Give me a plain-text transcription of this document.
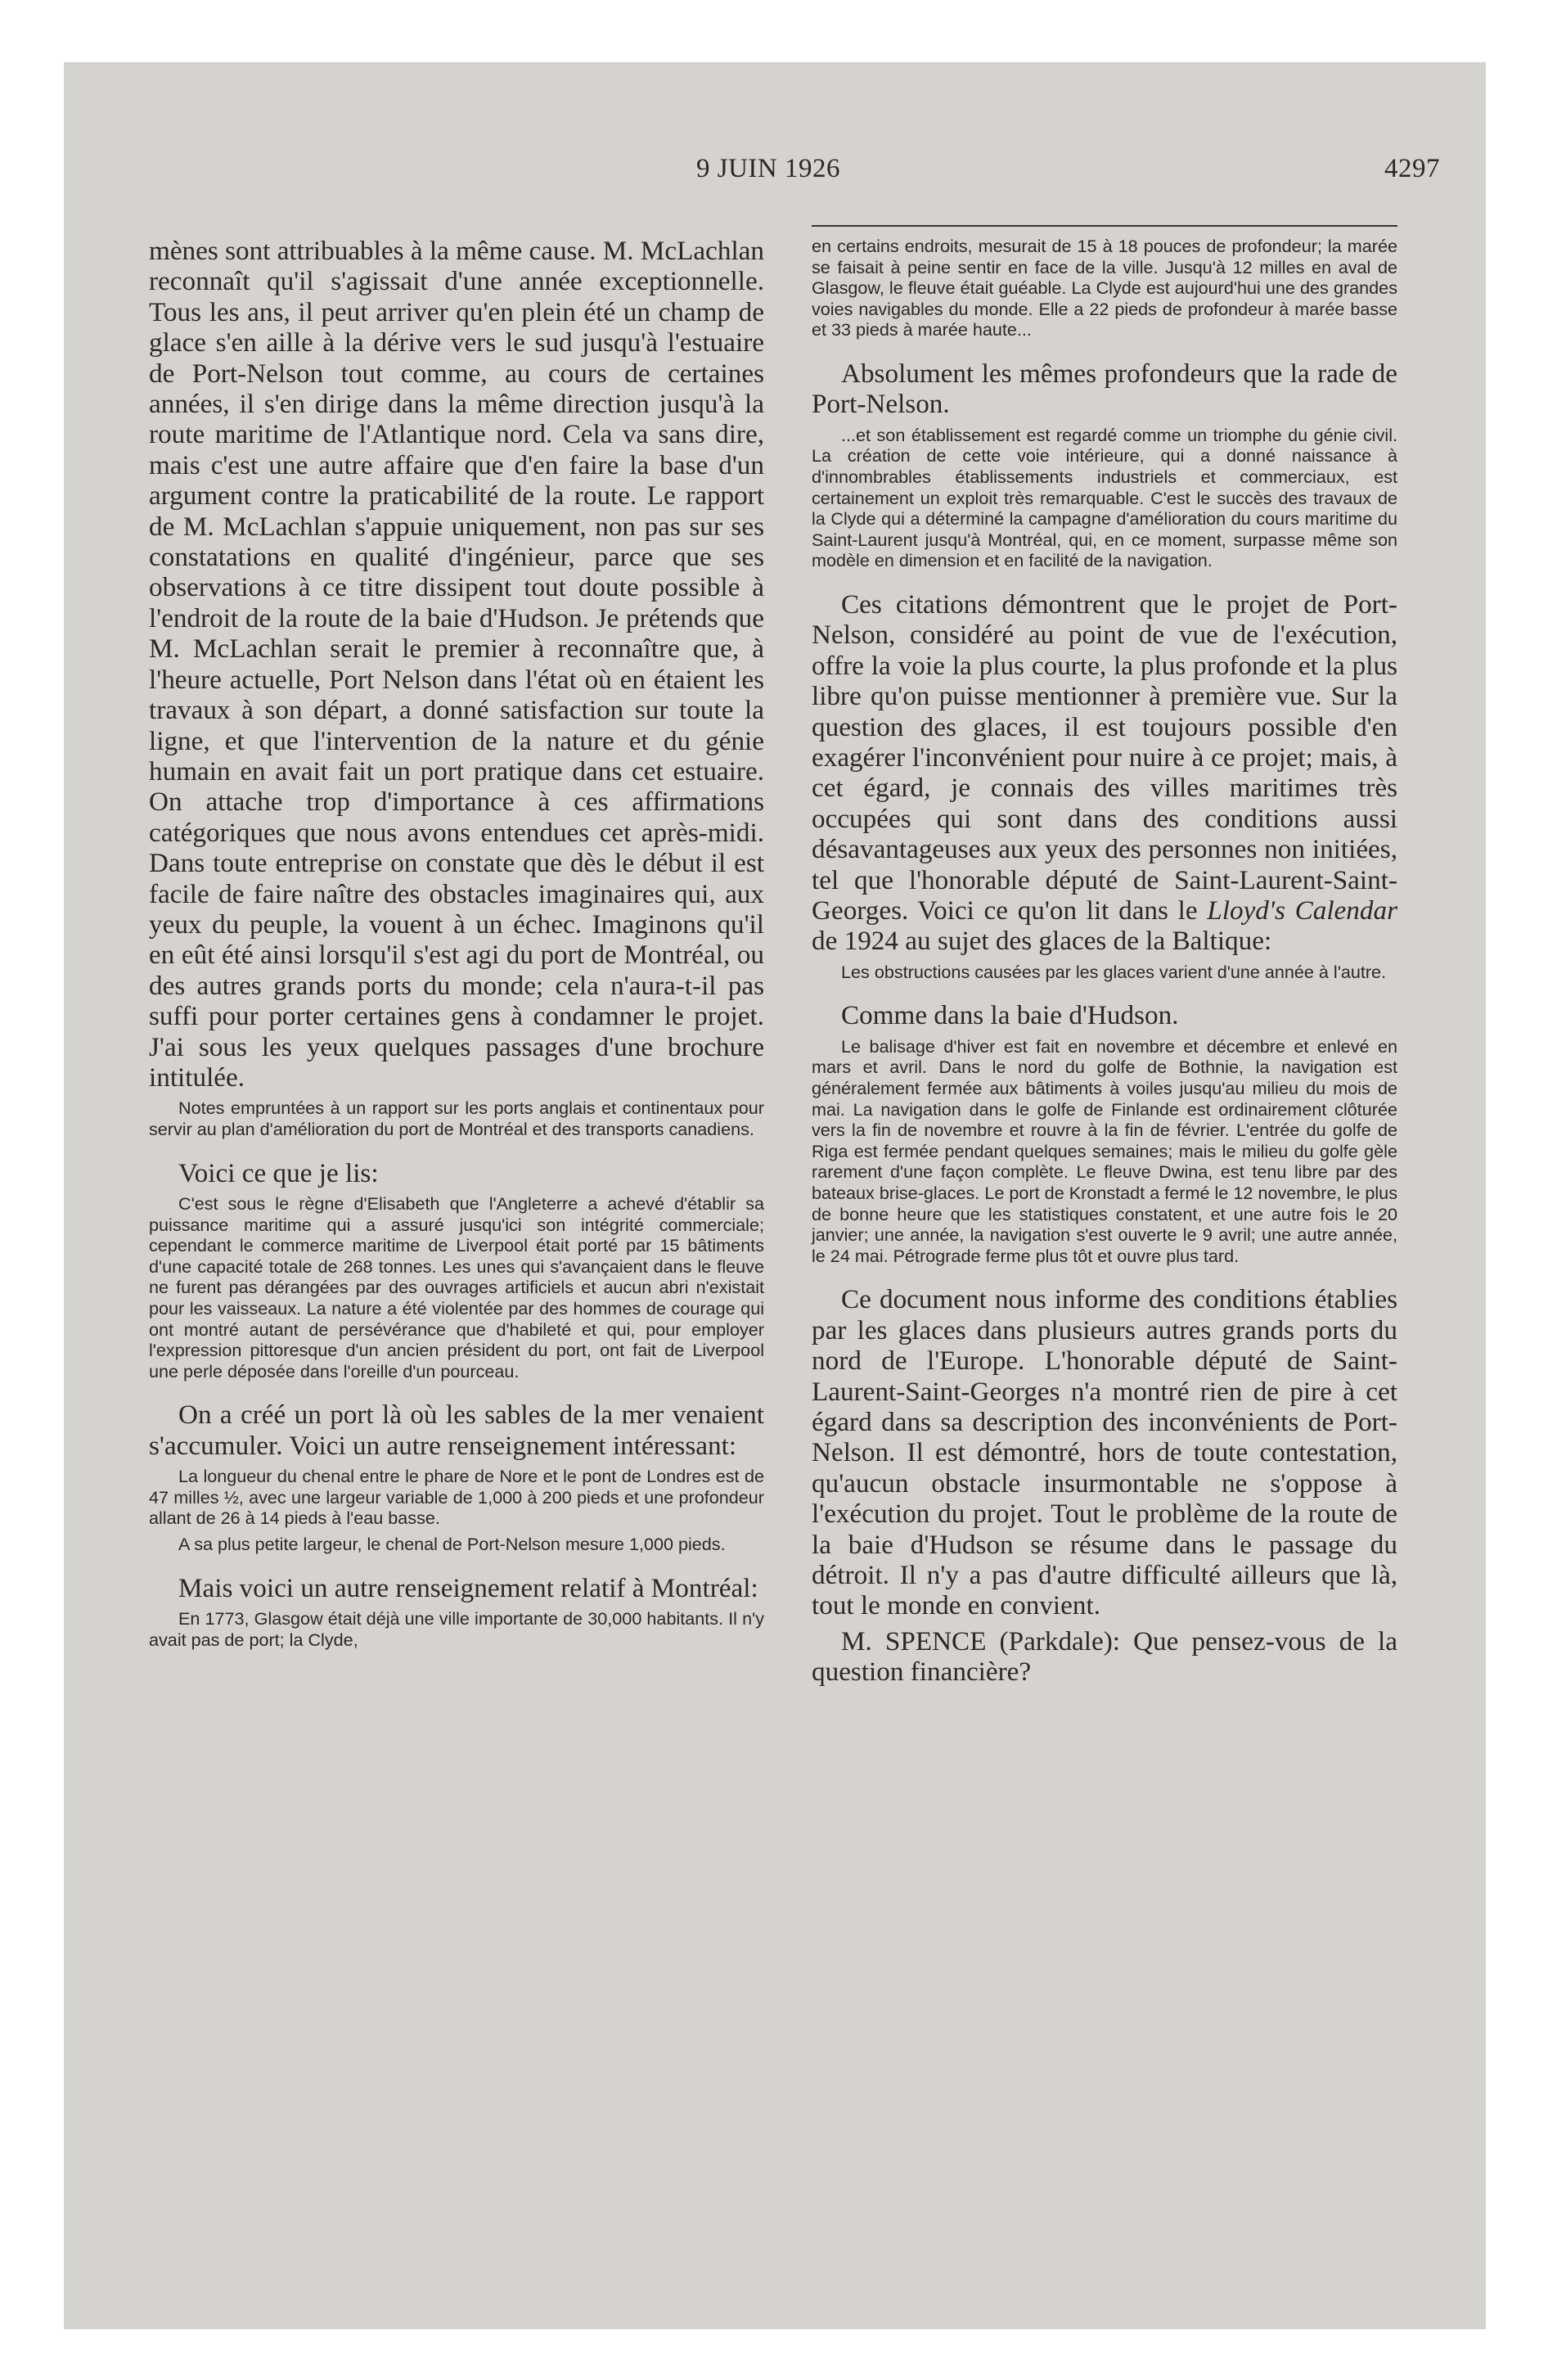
9 JUIN 1926	4297

mènes sont attribuables à la même cause. M. McLachlan reconnaît qu'il s'agissait d'une année exceptionnelle. Tous les ans, il peut arriver qu'en plein été un champ de glace s'en aille à la dérive vers le sud jusqu'à l'estuaire de Port-Nelson tout comme, au cours de certaines années, il s'en dirige dans la même direction jusqu'à la route maritime de l'Atlantique nord. Cela va sans dire, mais c'est une autre affaire que d'en faire la base d'un argument contre la praticabilité de la route. Le rapport de M. McLachlan s'appuie uniquement, non pas sur ses constatations en qualité d'ingénieur, parce que ses observations à ce titre dissipent tout doute possible à l'endroit de la route de la baie d'Hudson. Je prétends que M. McLachlan serait le premier à reconnaître que, à l'heure actuelle, Port Nelson dans l'état où en étaient les travaux à son départ, a donné satisfaction sur toute la ligne, et que l'intervention de la nature et du génie humain en avait fait un port pratique dans cet estuaire. On attache trop d'importance à ces affirmations catégoriques que nous avons entendues cet après-midi. Dans toute entreprise on constate que dès le début il est facile de faire naître des obstacles imaginaires qui, aux yeux du peuple, la vouent à un échec. Imaginons qu'il en eût été ainsi lorsqu'il s'est agi du port de Montréal, ou des autres grands ports du monde; cela n'aura-t-il pas suffi pour porter certaines gens à condamner le projet. J'ai sous les yeux quelques passages d'une brochure intitulée.

Notes empruntées à un rapport sur les ports anglais et continentaux pour servir au plan d'amélioration du port de Montréal et des transports canadiens.

Voici ce que je lis:

C'est sous le règne d'Elisabeth que l'Angleterre a achevé d'établir sa puissance maritime qui a assuré jusqu'ici son intégrité commerciale; cependant le commerce maritime de Liverpool était porté par 15 bâtiments d'une capacité totale de 268 tonnes. Les unes qui s'avançaient dans le fleuve ne furent pas dérangées par des ouvrages artificiels et aucun abri n'existait pour les vaisseaux. La nature a été violentée par des hommes de courage qui ont montré autant de persévérance que d'habileté et qui, pour employer l'expression pittoresque d'un ancien président du port, ont fait de Liverpool une perle déposée dans l'oreille d'un pourceau.

On a créé un port là où les sables de la mer venaient s'accumuler. Voici un autre renseignement intéressant:

La longueur du chenal entre le phare de Nore et le pont de Londres est de 47 milles ½, avec une largeur variable de 1,000 à 200 pieds et une profondeur allant de 26 à 14 pieds à l'eau basse.

A sa plus petite largeur, le chenal de Port-Nelson mesure 1,000 pieds.

Mais voici un autre renseignement relatif à Montréal:

En 1773, Glasgow était déjà une ville importante de 30,000 habitants. Il n'y avait pas de port; la Clyde,

en certains endroits, mesurait de 15 à 18 pouces de profondeur; la marée se faisait à peine sentir en face de la ville. Jusqu'à 12 milles en aval de Glasgow, le fleuve était guéable. La Clyde est aujourd'hui une des grandes voies navigables du monde. Elle a 22 pieds de profondeur à marée basse et 33 pieds à marée haute...

Absolument les mêmes profondeurs que la rade de Port-Nelson.

...et son établissement est regardé comme un triomphe du génie civil. La création de cette voie intérieure, qui a donné naissance à d'innombrables établissements industriels et commerciaux, est certainement un exploit très remarquable. C'est le succès des travaux de la Clyde qui a déterminé la campagne d'amélioration du cours maritime du Saint-Laurent jusqu'à Montréal, qui, en ce moment, surpasse même son modèle en dimension et en facilité de la navigation.

Ces citations démontrent que le projet de Port-Nelson, considéré au point de vue de l'exécution, offre la voie la plus courte, la plus profonde et la plus libre qu'on puisse mentionner à première vue. Sur la question des glaces, il est toujours possible d'en exagérer l'inconvénient pour nuire à ce projet; mais, à cet égard, je connais des villes maritimes très occupées qui sont dans des conditions aussi désavantageuses aux yeux des personnes non initiées, tel que l'honorable député de Saint-Laurent-Saint-Georges. Voici ce qu'on lit dans le Lloyd's Calendar de 1924 au sujet des glaces de la Baltique:

Les obstructions causées par les glaces varient d'une année à l'autre.

Comme dans la baie d'Hudson.

Le balisage d'hiver est fait en novembre et décembre et enlevé en mars et avril. Dans le nord du golfe de Bothnie, la navigation est généralement fermée aux bâtiments à voiles jusqu'au milieu du mois de mai. La navigation dans le golfe de Finlande est ordinairement clôturée vers la fin de novembre et rouvre à la fin de février. L'entrée du golfe de Riga est fermée pendant quelques semaines; mais le milieu du golfe gèle rarement d'une façon complète. Le fleuve Dwina, est tenu libre par des bateaux brise-glaces. Le port de Kronstadt a fermé le 12 novembre, le plus de bonne heure que les statistiques constatent, et une autre fois le 20 janvier; une année, la navigation s'est ouverte le 9 avril; une autre année, le 24 mai. Pétrograde ferme plus tôt et ouvre plus tard.

Ce document nous informe des conditions établies par les glaces dans plusieurs autres grands ports du nord de l'Europe. L'honorable député de Saint-Laurent-Saint-Georges n'a montré rien de pire à cet égard dans sa description des inconvénients de Port-Nelson. Il est démontré, hors de toute contestation, qu'aucun obstacle insurmontable ne s'oppose à l'exécution du projet. Tout le problème de la route de la baie d'Hudson se résume dans le passage du détroit. Il n'y a pas d'autre difficulté ailleurs que là, tout le monde en convient.

M. SPENCE (Parkdale): Que pensez-vous de la question financière?
